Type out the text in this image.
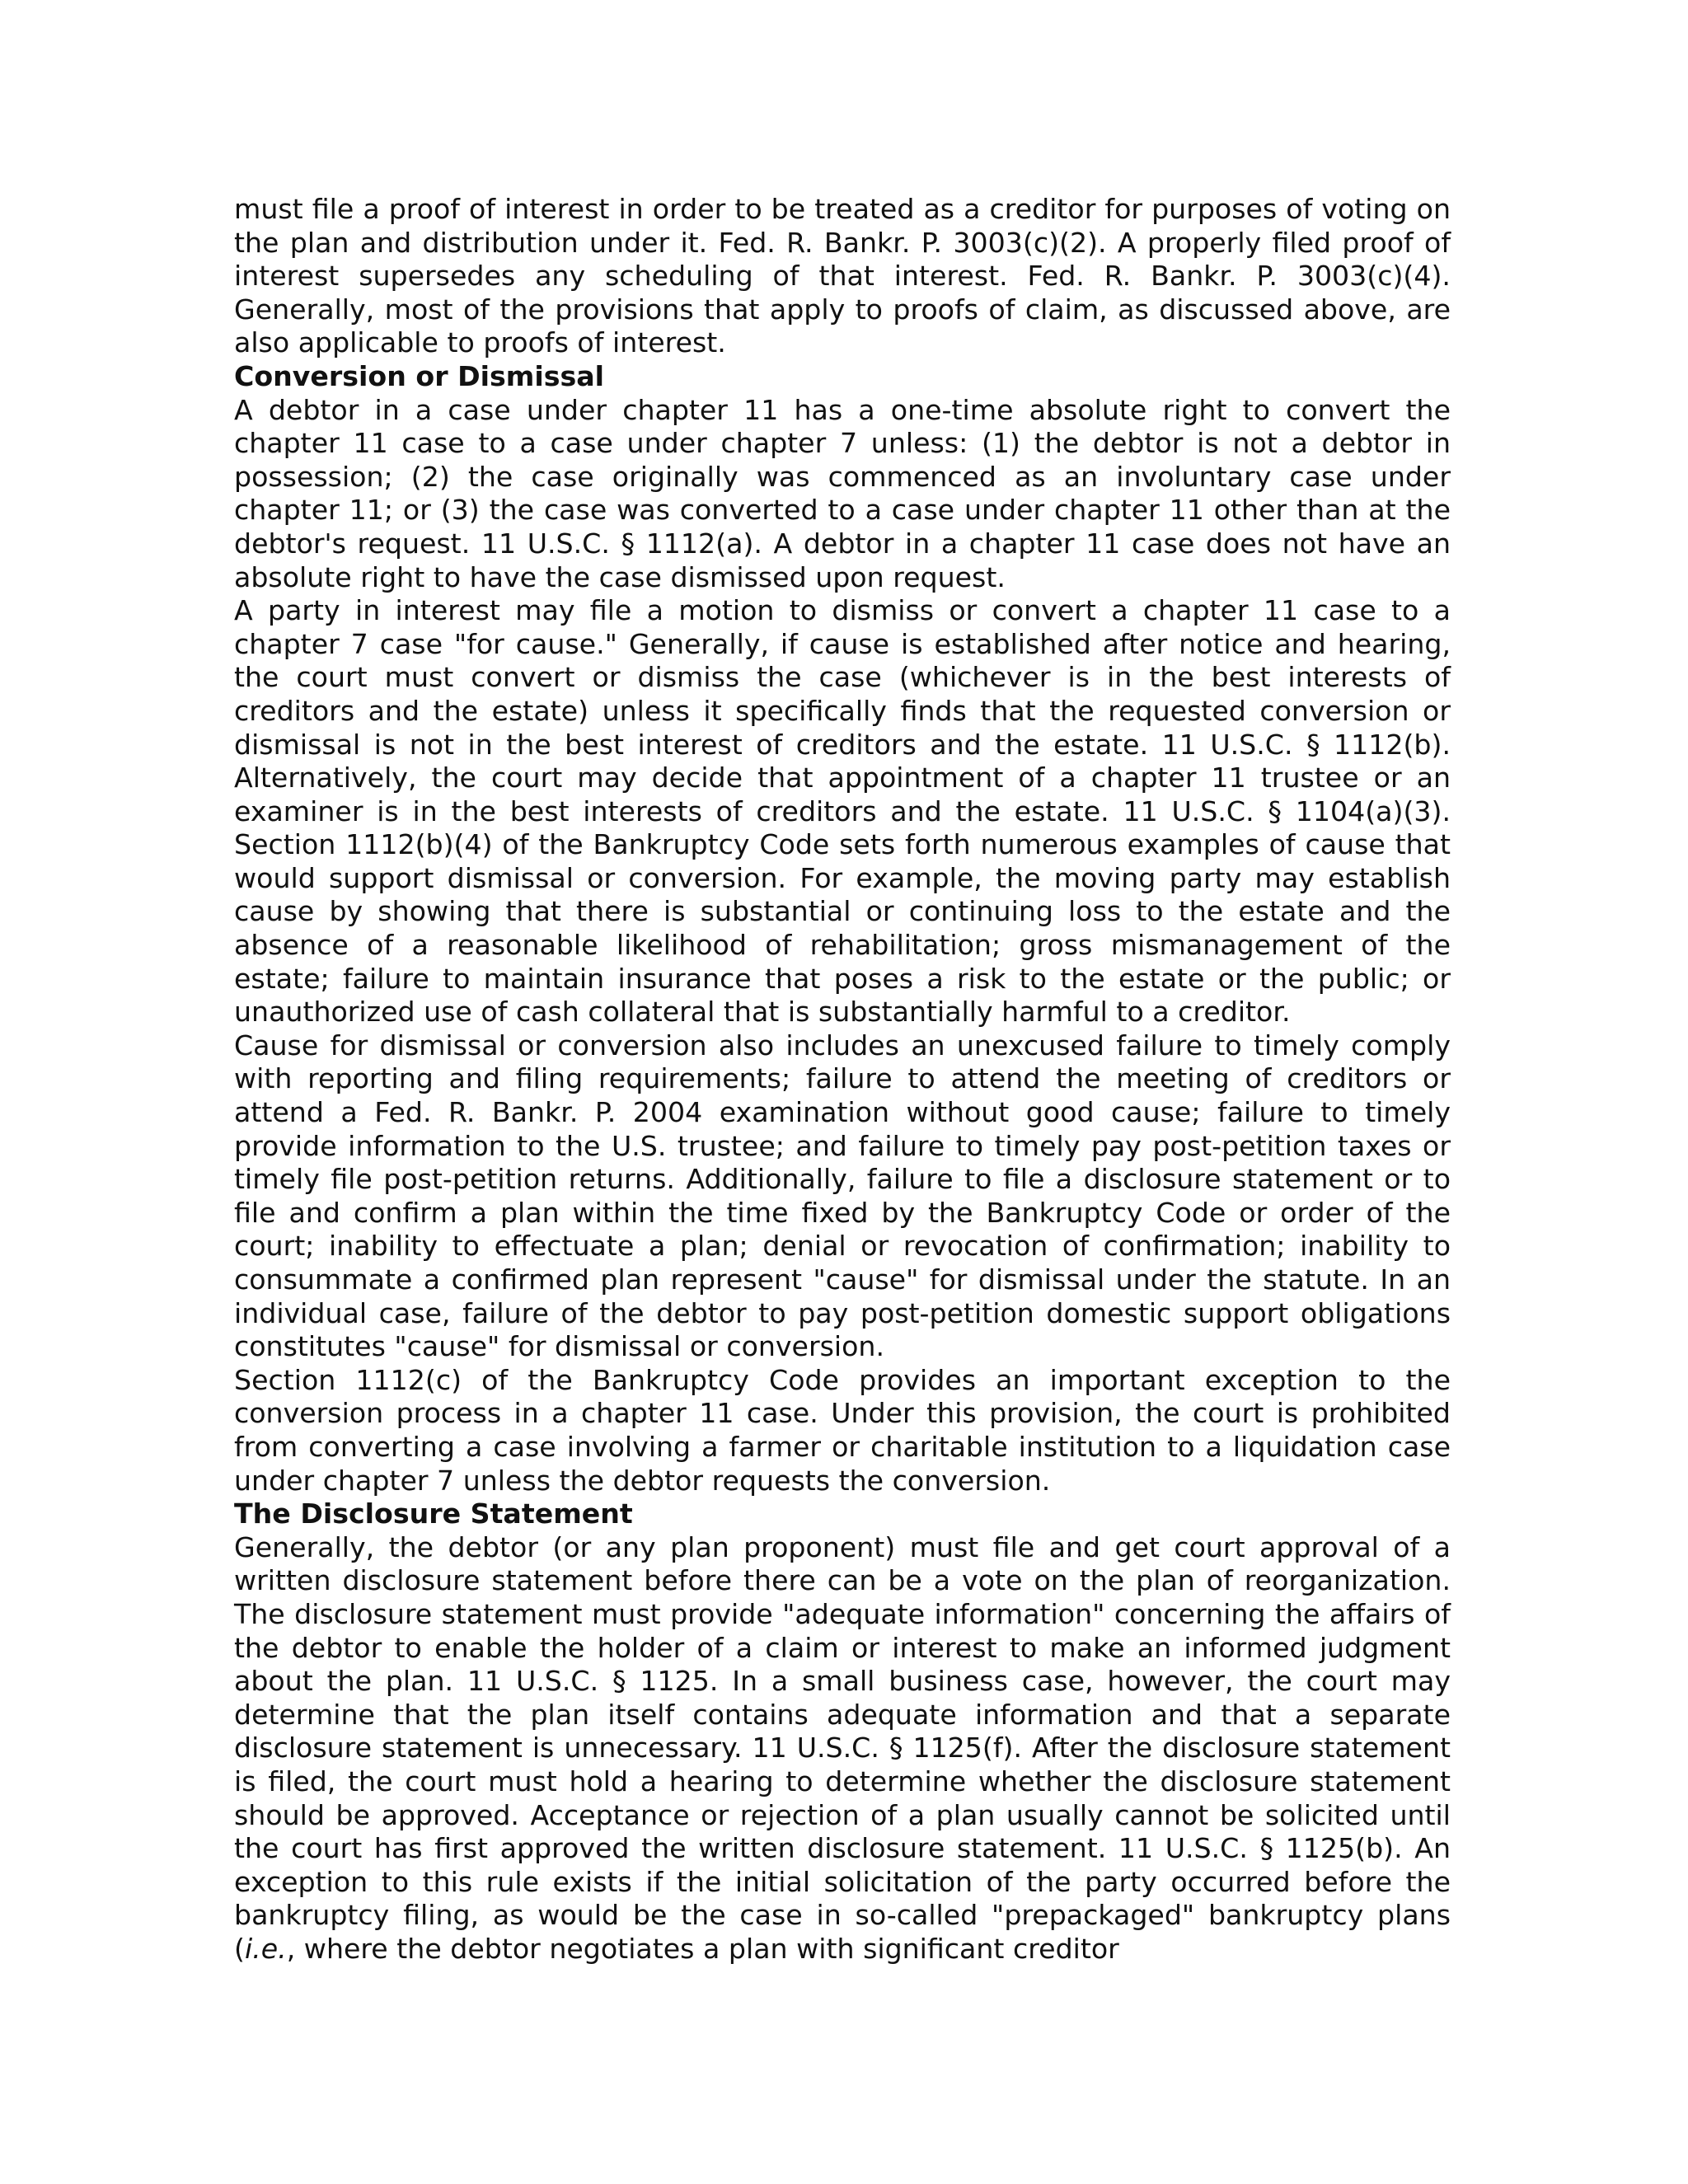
must file a proof of interest in order to be treated as a creditor for purposes of voting on the plan and distribution under it. Fed. R. Bankr. P. 3003(c)(2). A properly filed proof of interest supersedes any scheduling of that interest. Fed. R. Bankr. P. 3003(c)(4). Generally, most of the provisions that apply to proofs of claim, as discussed above, are also applicable to proofs of interest.

Conversion or Dismissal

A debtor in a case under chapter 11 has a one-time absolute right to convert the chapter 11 case to a case under chapter 7 unless: (1) the debtor is not a debtor in possession; (2) the case originally was commenced as an involuntary case under chapter 11; or (3) the case was converted to a case under chapter 11 other than at the debtor's request. 11 U.S.C. § 1112(a). A debtor in a chapter 11 case does not have an absolute right to have the case dismissed upon request.

A party in interest may file a motion to dismiss or convert a chapter 11 case to a chapter 7 case "for cause." Generally, if cause is established after notice and hearing, the court must convert or dismiss the case (whichever is in the best interests of creditors and the estate) unless it specifically finds that the requested conversion or dismissal is not in the best interest of creditors and the estate. 11 U.S.C. § 1112(b). Alternatively, the court may decide that appointment of a chapter 11 trustee or an examiner is in the best interests of creditors and the estate. 11 U.S.C. § 1104(a)(3). Section 1112(b)(4) of the Bankruptcy Code sets forth numerous examples of cause that would support dismissal or conversion. For example, the moving party may establish cause by showing that there is substantial or continuing loss to the estate and the absence of a reasonable likelihood of rehabilitation; gross mismanagement of the estate; failure to maintain insurance that poses a risk to the estate or the public; or unauthorized use of cash collateral that is substantially harmful to a creditor.

Cause for dismissal or conversion also includes an unexcused failure to timely comply with reporting and filing requirements; failure to attend the meeting of creditors or attend a Fed. R. Bankr. P. 2004 examination without good cause; failure to timely provide information to the U.S. trustee; and failure to timely pay post-petition taxes or timely file post-petition returns. Additionally, failure to file a disclosure statement or to file and confirm a plan within the time fixed by the Bankruptcy Code or order of the court; inability to effectuate a plan; denial or revocation of confirmation; inability to consummate a confirmed plan represent "cause" for dismissal under the statute. In an individual case, failure of the debtor to pay post-petition domestic support obligations constitutes "cause" for dismissal or conversion.

Section 1112(c) of the Bankruptcy Code provides an important exception to the conversion process in a chapter 11 case. Under this provision, the court is prohibited from converting a case involving a farmer or charitable institution to a liquidation case under chapter 7 unless the debtor requests the conversion.

The Disclosure Statement

Generally, the debtor (or any plan proponent) must file and get court approval of a written disclosure statement before there can be a vote on the plan of reorganization. The disclosure statement must provide "adequate information" concerning the affairs of the debtor to enable the holder of a claim or interest to make an informed judgment about the plan. 11 U.S.C. § 1125. In a small business case, however, the court may determine that the plan itself contains adequate information and that a separate disclosure statement is unnecessary. 11 U.S.C. § 1125(f). After the disclosure statement is filed, the court must hold a hearing to determine whether the disclosure statement should be approved. Acceptance or rejection of a plan usually cannot be solicited until the court has first approved the written disclosure statement. 11 U.S.C. § 1125(b). An exception to this rule exists if the initial solicitation of the party occurred before the bankruptcy filing, as would be the case in so-called "prepackaged" bankruptcy plans (i.e., where the debtor negotiates a plan with significant creditor
